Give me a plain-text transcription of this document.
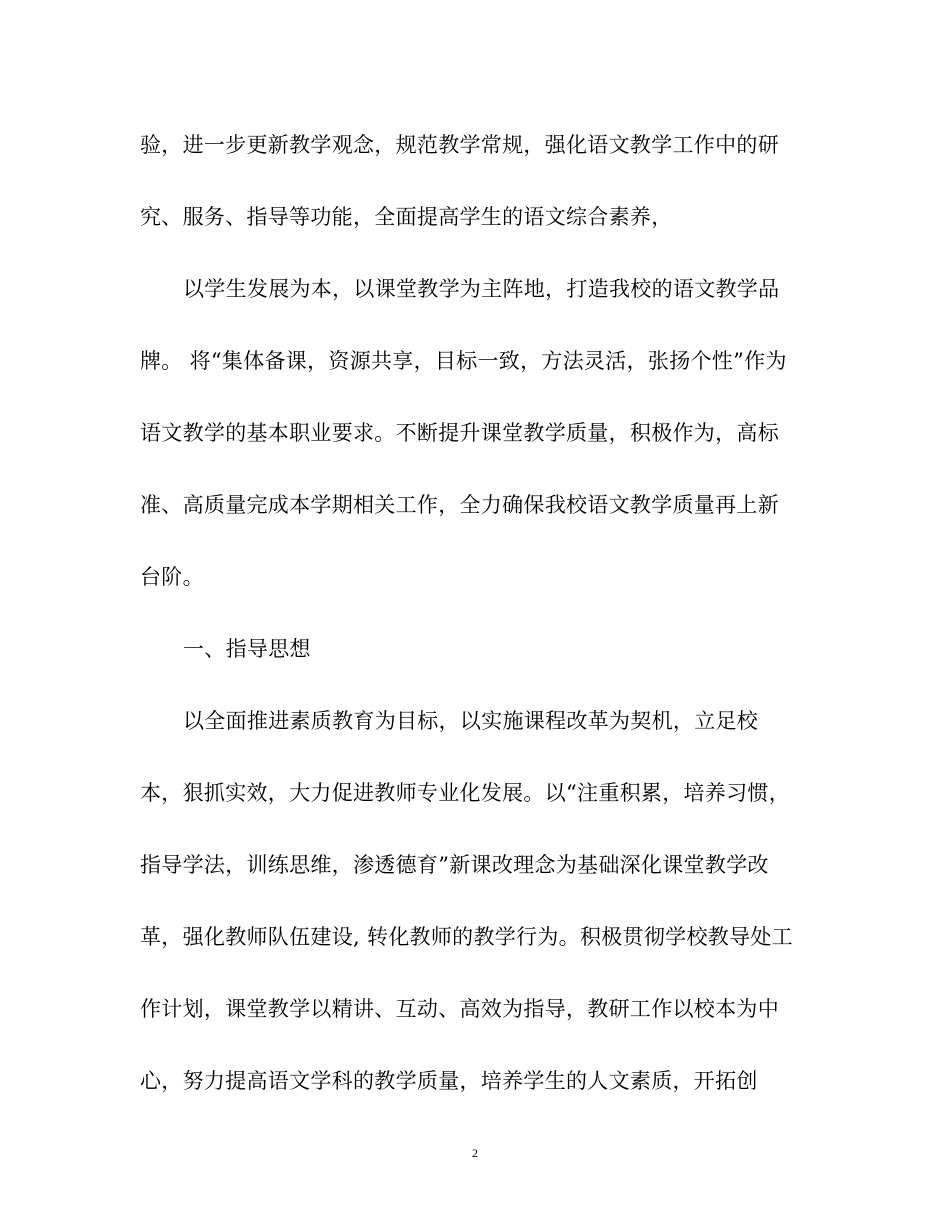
验，进一步更新教学观念，规范教学常规，强化语文教学工作中的研
究、服务、指导等功能，全面提高学生的语文综合素养，
以学生发展为本，以课堂教学为主阵地，打造我校的语文教学品
牌。 将“集体备课，资源共享，目标一致，方法灵活，张扬个性”作为
语文教学的基本职业要求。不断提升课堂教学质量，积极作为，高标
准、高质量完成本学期相关工作，全力确保我校语文教学质量再上新
台阶。
一、指导思想
以全面推进素质教育为目标，以实施课程改革为契机，立足校
本，狠抓实效，大力促进教师专业化发展。以“注重积累，培养习惯，
指导学法，训练思维，渗透德育”新课改理念为基础深化课堂教学改
革，强化教师队伍建设, 转化教师的教学行为。积极贯彻学校教导处工
作计划，课堂教学以精讲、互动、高效为指导，教研工作以校本为中
心，努力提高语文学科的教学质量，培养学生的人文素质，开拓创
2
